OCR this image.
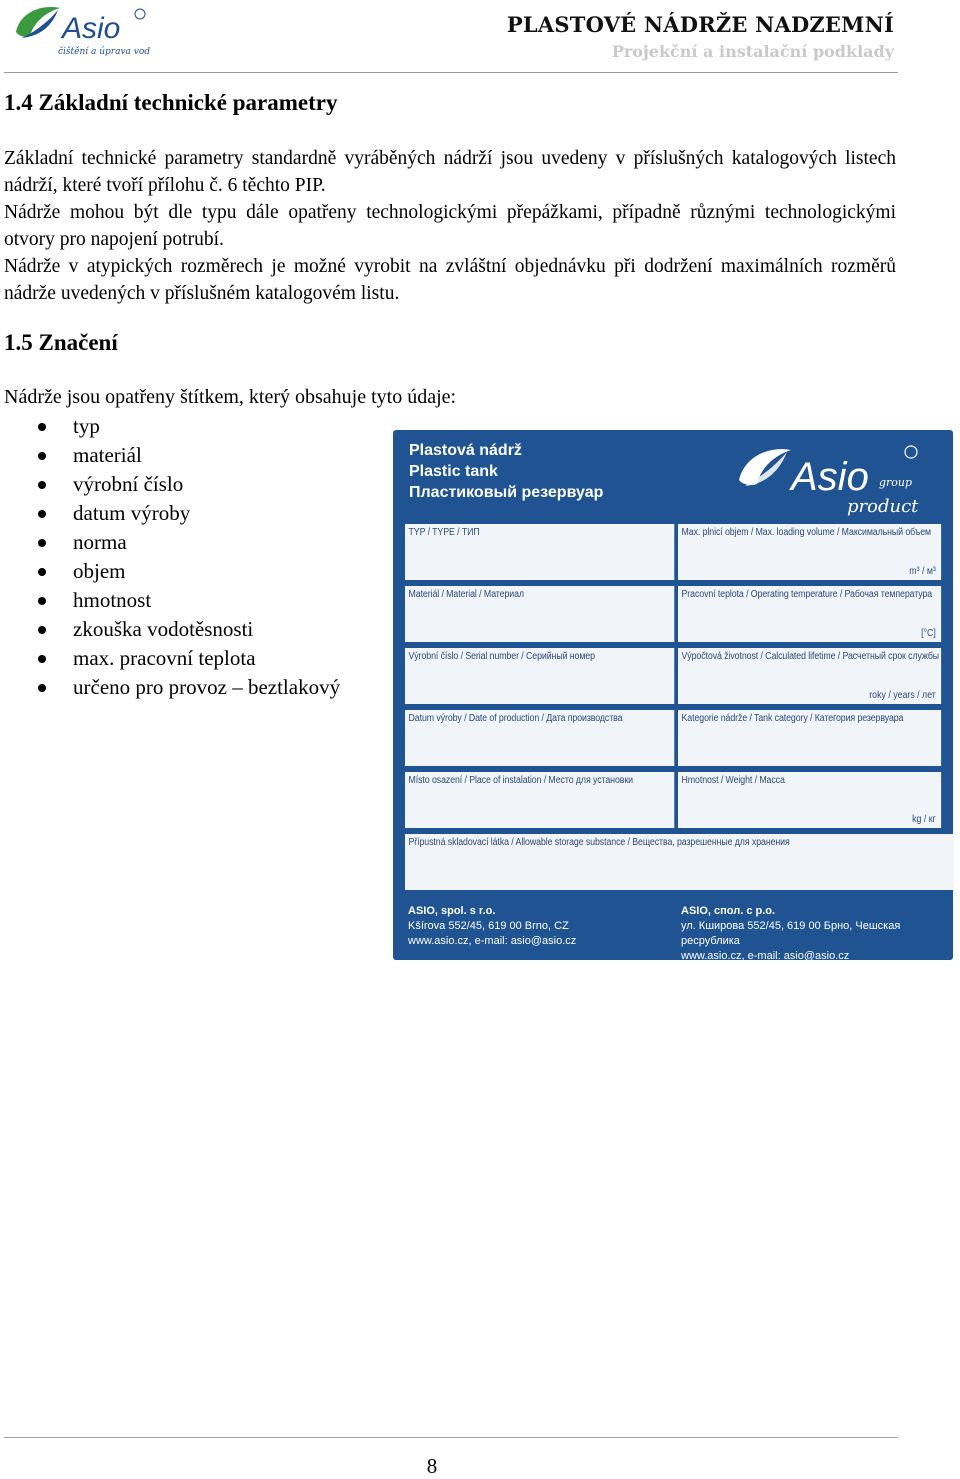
Asio
čištění a úprava vod
PLASTOVÉ NÁDRŽE NADZEMNÍ
Projekční a instalační podklady
1.4 Základní technické parametry

Základní technické parametry standardně vyráběných nádrží jsou uvedeny v příslušných katalogových listech nádrží, které tvoří přílohu č. 6 těchto PIP.

Nádrže mohou být dle typu dále opatřeny technologickými přepážkami, případně různými technologickými otvory pro napojení potrubí.

Nádrže v atypických rozměrech je možné vyrobit na zvláštní objednávku při dodržení maximálních rozměrů nádrže uvedených v příslušném katalogovém listu.

1.5 Značení

Nádrže jsou opatřeny štítkem, který obsahuje tyto údaje:

typ
materiál
výrobní číslo
datum výroby
norma
objem
hmotnost
zkouška vodotěsnosti
max. pracovní teplota
určeno pro provoz – beztlakový
Plastová nádrž
Plastic tank
Пластиковый резервуар	Asio group
product
TYP / TYPE / ТИП
Materiál / Material / Материал
Výrobní číslo / Serial number / Серийный номер
Datum výroby / Date of production / Дата производства
Místo osazení / Place of instalation / Место для установки
Max. plnicí objem / Max. loading volume / Максимальный объем
m³ / м³
Pracovní teplota / Operating temperature / Рабочая температура
[°C]
Výpočtová životnost / Calculated lifetime / Расчетный срок службы
roky / years / лет
Kategorie nádrže / Tank category / Категория резервуара
Hmotnost / Weight / Macca
kg / кг
Přípustná skladovací látka / Allowable storage substance / Вещества, разрешенные для хранения
ASIO, spol. s r.o.
Kšírova 552/45, 619 00 Brno, CZ
www.asio.cz, e-mail: asio@asio.cz
ASIO, спол. с р.о.
ул. Кширова 552/45, 619 00 Брно, Чешская ресрублика
www.asio.cz, e-mail: asio@asio.cz
8
